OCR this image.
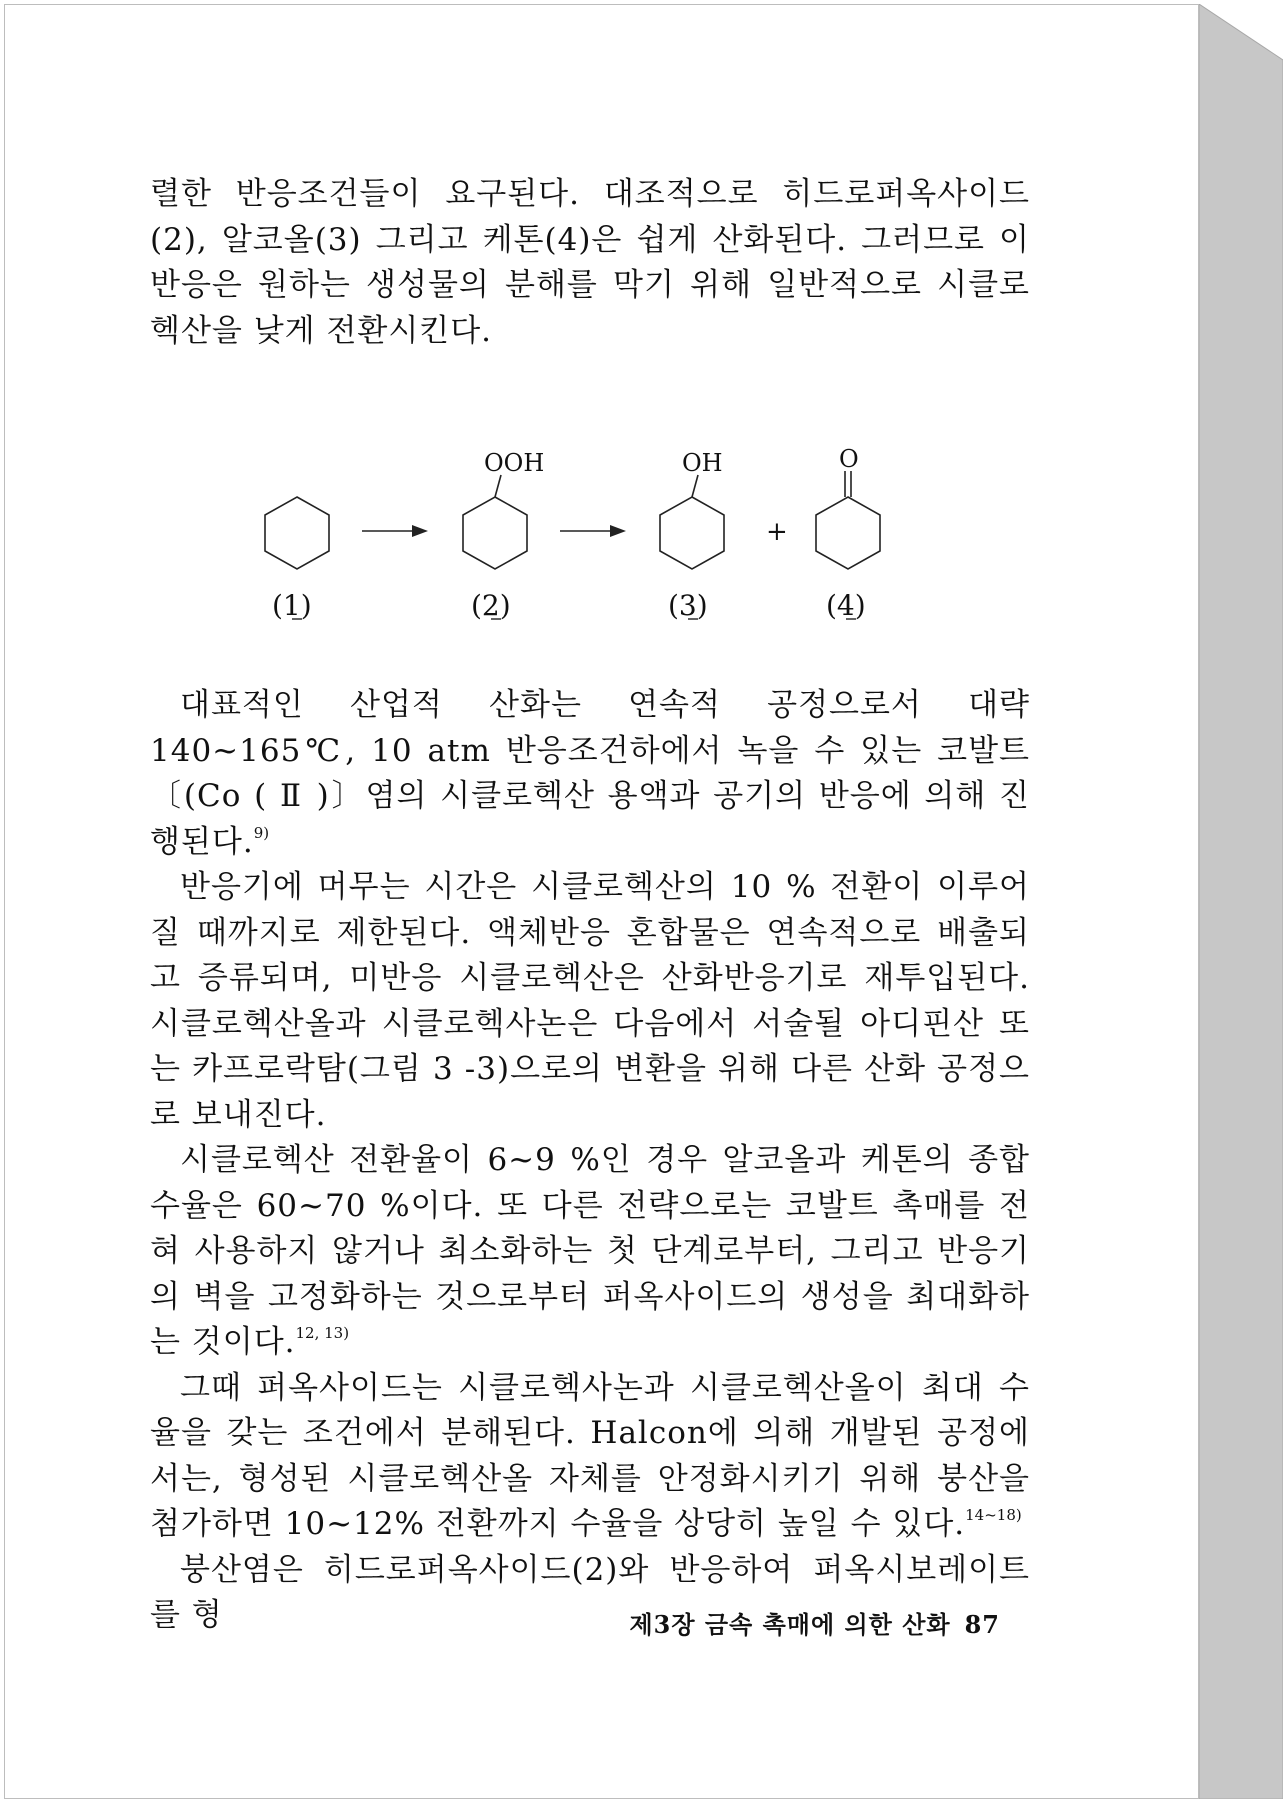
렬한 반응조건들이 요구된다. 대조적으로 히드로퍼옥사이드(2), 알코올(3) 그리고 케톤(4)은 쉽게 산화된다. 그러므로 이 반응은 원하는 생성물의 분해를 막기 위해 일반적으로 시클로헥산을 낮게 전환시킨다.

OOH	OH	O
+
(1)	(2)	(3)	(4)

대표적인 산업적 산화는 연속적 공정으로서 대략 140~165℃, 10 atm 반응조건하에서 녹을 수 있는 코발트〔(Co ( Ⅱ )〕염의 시클로헥산 용액과 공기의 반응에 의해 진행된다.$^{9)}$

반응기에 머무는 시간은 시클로헥산의 10 % 전환이 이루어질 때까지로 제한된다. 액체반응 혼합물은 연속적으로 배출되고 증류되며, 미반응 시클로헥산은 산화반응기로 재투입된다. 시클로헥산올과 시클로헥사논은 다음에서 서술될 아디핀산 또는 카프로락탐(그림 3 -3)으로의 변환을 위해 다른 산화 공정으로 보내진다.

시클로헥산 전환율이 6~9 %인 경우 알코올과 케톤의 종합 수율은 60~70 %이다. 또 다른 전략으로는 코발트 촉매를 전혀 사용하지 않거나 최소화하는 첫 단계로부터, 그리고 반응기의 벽을 고정화하는 것으로부터 퍼옥사이드의 생성을 최대화하는 것이다.$^{12, 13)}$

그때 퍼옥사이드는 시클로헥사논과 시클로헥산올이 최대 수율을 갖는 조건에서 분해된다. Halcon에 의해 개발된 공정에서는, 형성된 시클로헥산올 자체를 안정화시키기 위해 붕산을 첨가하면 10~12% 전환까지 수율을 상당히 높일 수 있다.$^{14\sim 18)}$

붕산염은 히드로퍼옥사이드(2)와 반응하여 퍼옥시보레이트를 형	제3장 금속 촉매에 의한 산화 87
